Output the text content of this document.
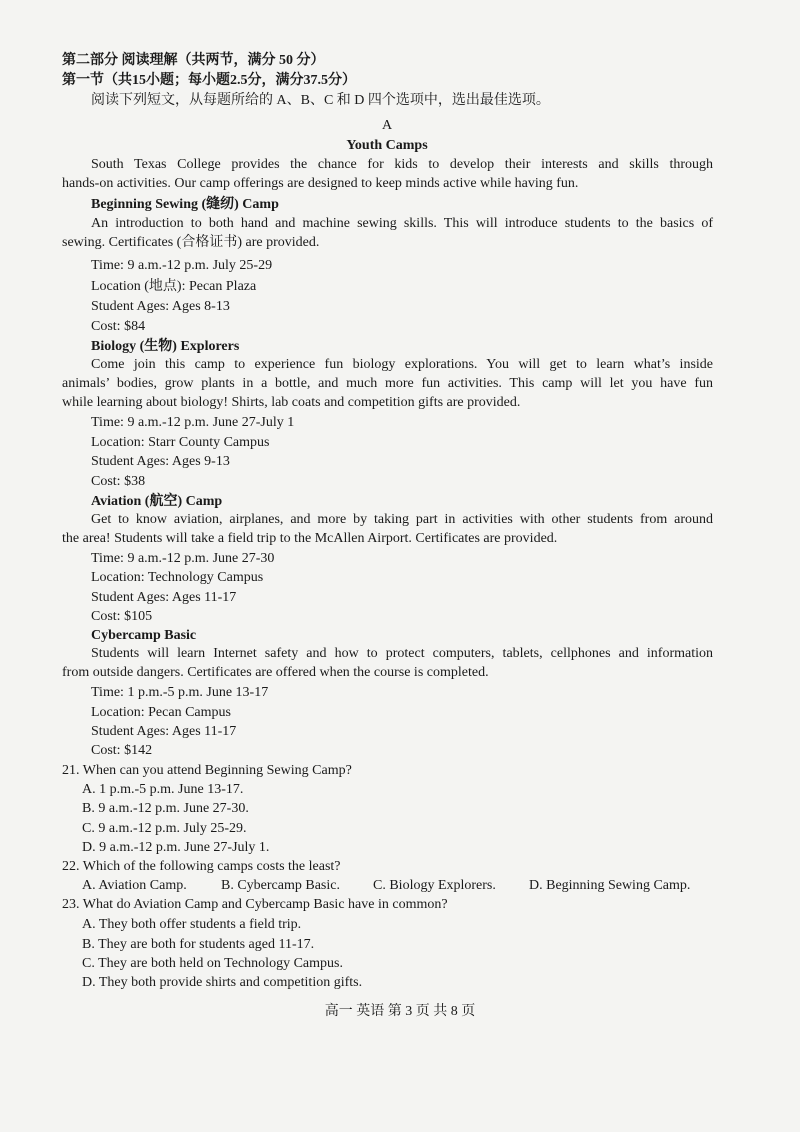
第二部分 阅读理解（共两节，满分 50 分）
第一节（共15小题；每小题2.5分，满分37.5分）
阅读下列短文，从每题所给的 A、B、C 和 D 四个选项中，选出最佳选项。
A
Youth Camps
South Texas College provides the chance for kids to develop their interests and skills through
hands-on activities. Our camp offerings are designed to keep minds active while having fun.
Beginning Sewing (缝纫) Camp
An introduction to both hand and machine sewing skills. This will introduce students to the basics of
sewing. Certificates (合格证书) are provided.
Time: 9 a.m.-12 p.m. July 25-29
Location (地点): Pecan Plaza
Student Ages: Ages 8-13
Cost: $84
Biology (生物) Explorers
Come join this camp to experience fun biology explorations. You will get to learn what’s inside
animals’ bodies, grow plants in a bottle, and much more fun activities. This camp will let you have fun
while learning about biology! Shirts, lab coats and competition gifts are provided.
Time: 9 a.m.-12 p.m. June 27-July 1
Location: Starr County Campus
Student Ages: Ages 9-13
Cost: $38
Aviation (航空) Camp
Get to know aviation, airplanes, and more by taking part in activities with other students from around
the area! Students will take a field trip to the McAllen Airport. Certificates are provided.
Time: 9 a.m.-12 p.m. June 27-30
Location: Technology Campus
Student Ages: Ages 11-17
Cost: $105
Cybercamp Basic
Students will learn Internet safety and how to protect computers, tablets, cellphones and information
from outside dangers. Certificates are offered when the course is completed.
Time: 1 p.m.-5 p.m. June 13-17
Location: Pecan Campus
Student Ages: Ages 11-17
Cost: $142
21. When can you attend Beginning Sewing Camp?
A. 1 p.m.-5 p.m. June 13-17.
B. 9 a.m.-12 p.m. June 27-30.
C. 9 a.m.-12 p.m. July 25-29.
D. 9 a.m.-12 p.m. June 27-July 1.
22. Which of the following camps costs the least?
A. Aviation Camp. B. Cybercamp Basic. C. Biology Explorers. D. Beginning Sewing Camp.
23. What do Aviation Camp and Cybercamp Basic have in common?
A. They both offer students a field trip.
B. They are both for students aged 11-17.
C. They are both held on Technology Campus.
D. They both provide shirts and competition gifts.
高一 英语 第 3 页 共 8 页
